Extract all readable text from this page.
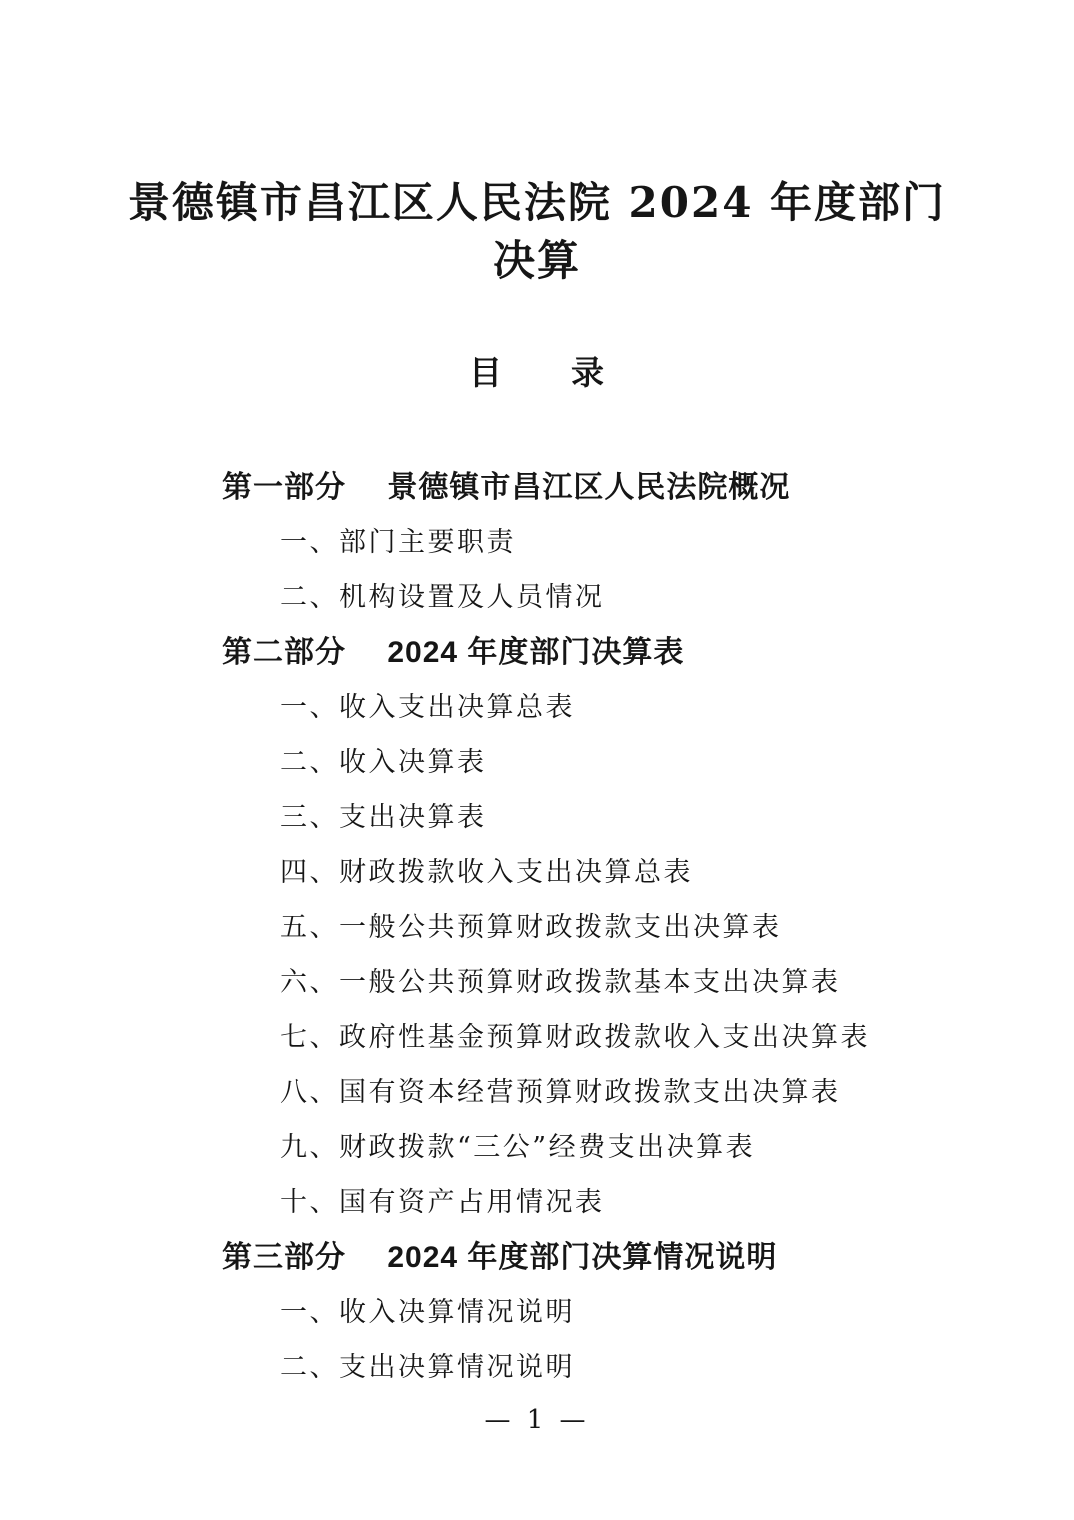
景德镇市昌江区人民法院 2024 年度部门
决算
目　　录
第一部分 景德镇市昌江区人民法院概况
一、部门主要职责
二、机构设置及人员情况
第二部分 2024 年度部门决算表
一、收入支出决算总表
二、收入决算表
三、支出决算表
四、财政拨款收入支出决算总表
五、一般公共预算财政拨款支出决算表
六、一般公共预算财政拨款基本支出决算表
七、政府性基金预算财政拨款收入支出决算表
八、国有资本经营预算财政拨款支出决算表
九、财政拨款“三公”经费支出决算表
十、国有资产占用情况表
第三部分 2024 年度部门决算情况说明
一、收入决算情况说明
二、支出决算情况说明
— 1 —
